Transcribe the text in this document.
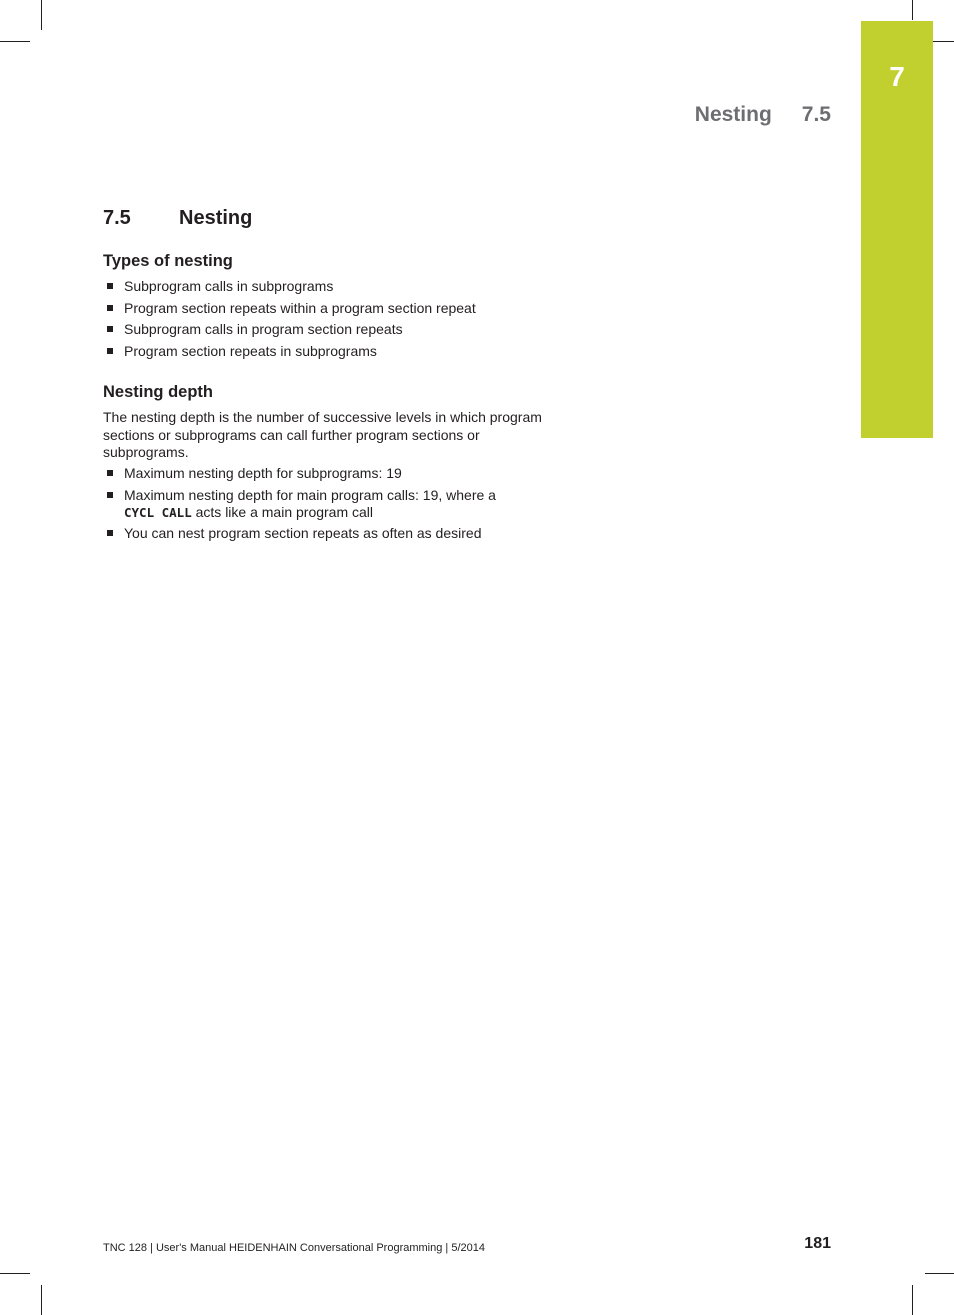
7
Nesting 7.5
7.5 Nesting
Types of nesting
Subprogram calls in subprograms
Program section repeats within a program section repeat
Subprogram calls in program section repeats
Program section repeats in subprograms
Nesting depth

The nesting depth is the number of successive levels in which program sections or subprograms can call further program sections or subprograms.

Maximum nesting depth for subprograms: 19
Maximum nesting depth for main program calls: 19, where a
CYCL CALL acts like a main program call
You can nest program section repeats as often as desired
TNC 128 | User's Manual HEIDENHAIN Conversational Programming | 5/2014	181
